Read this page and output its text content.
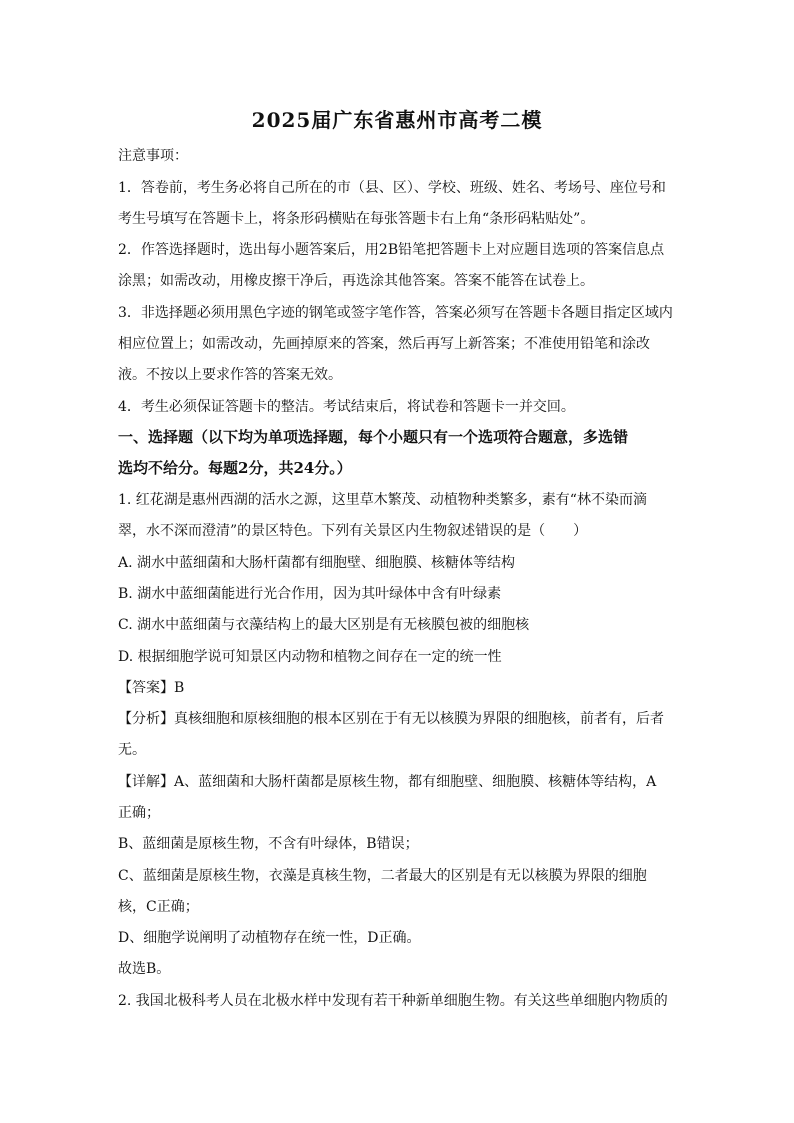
2025届广东省惠州市高考二模
注意事项：
1．答卷前，考生务必将自己所在的市（县、区）、学校、班级、姓名、考场号、座位号和
考生号填写在答题卡上，将条形码横贴在每张答题卡右上角“条形码粘贴处”。
2．作答选择题时，选出每小题答案后，用2B铅笔把答题卡上对应题目选项的答案信息点
涂黑；如需改动，用橡皮擦干净后，再选涂其他答案。答案不能答在试卷上。
3．非选择题必须用黑色字迹的钢笔或签字笔作答，答案必须写在答题卡各题目指定区域内
相应位置上；如需改动，先画掉原来的答案，然后再写上新答案；不准使用铅笔和涂改
液。不按以上要求作答的答案无效。
4．考生必须保证答题卡的整洁。考试结束后，将试卷和答题卡一并交回。
一、选择题（以下均为单项选择题，每个小题只有一个选项符合题意，多选错
选均不给分。每题2分，共24分。）
1. 红花湖是惠州西湖的活水之源，这里草木繁茂、动植物种类繁多，素有“林不染而滴
翠，水不深而澄清”的景区特色。下列有关景区内生物叙述错误的是（　　）
A. 湖水中蓝细菌和大肠杆菌都有细胞壁、细胞膜、核糖体等结构
B. 湖水中蓝细菌能进行光合作用，因为其叶绿体中含有叶绿素
C. 湖水中蓝细菌与衣藻结构上的最大区别是有无核膜包被的细胞核
D. 根据细胞学说可知景区内动物和植物之间存在一定的统一性
【答案】B
【分析】真核细胞和原核细胞的根本区别在于有无以核膜为界限的细胞核，前者有，后者
无。
【详解】A、蓝细菌和大肠杆菌都是原核生物，都有细胞壁、细胞膜、核糖体等结构，A
正确；
B、蓝细菌是原核生物，不含有叶绿体，B错误；
C、蓝细菌是原核生物，衣藻是真核生物，二者最大的区别是有无以核膜为界限的细胞
核，C正确；
D、细胞学说阐明了动植物存在统一性，D正确。
故选B。
2. 我国北极科考人员在北极水样中发现有若干种新单细胞生物。有关这些单细胞内物质的
